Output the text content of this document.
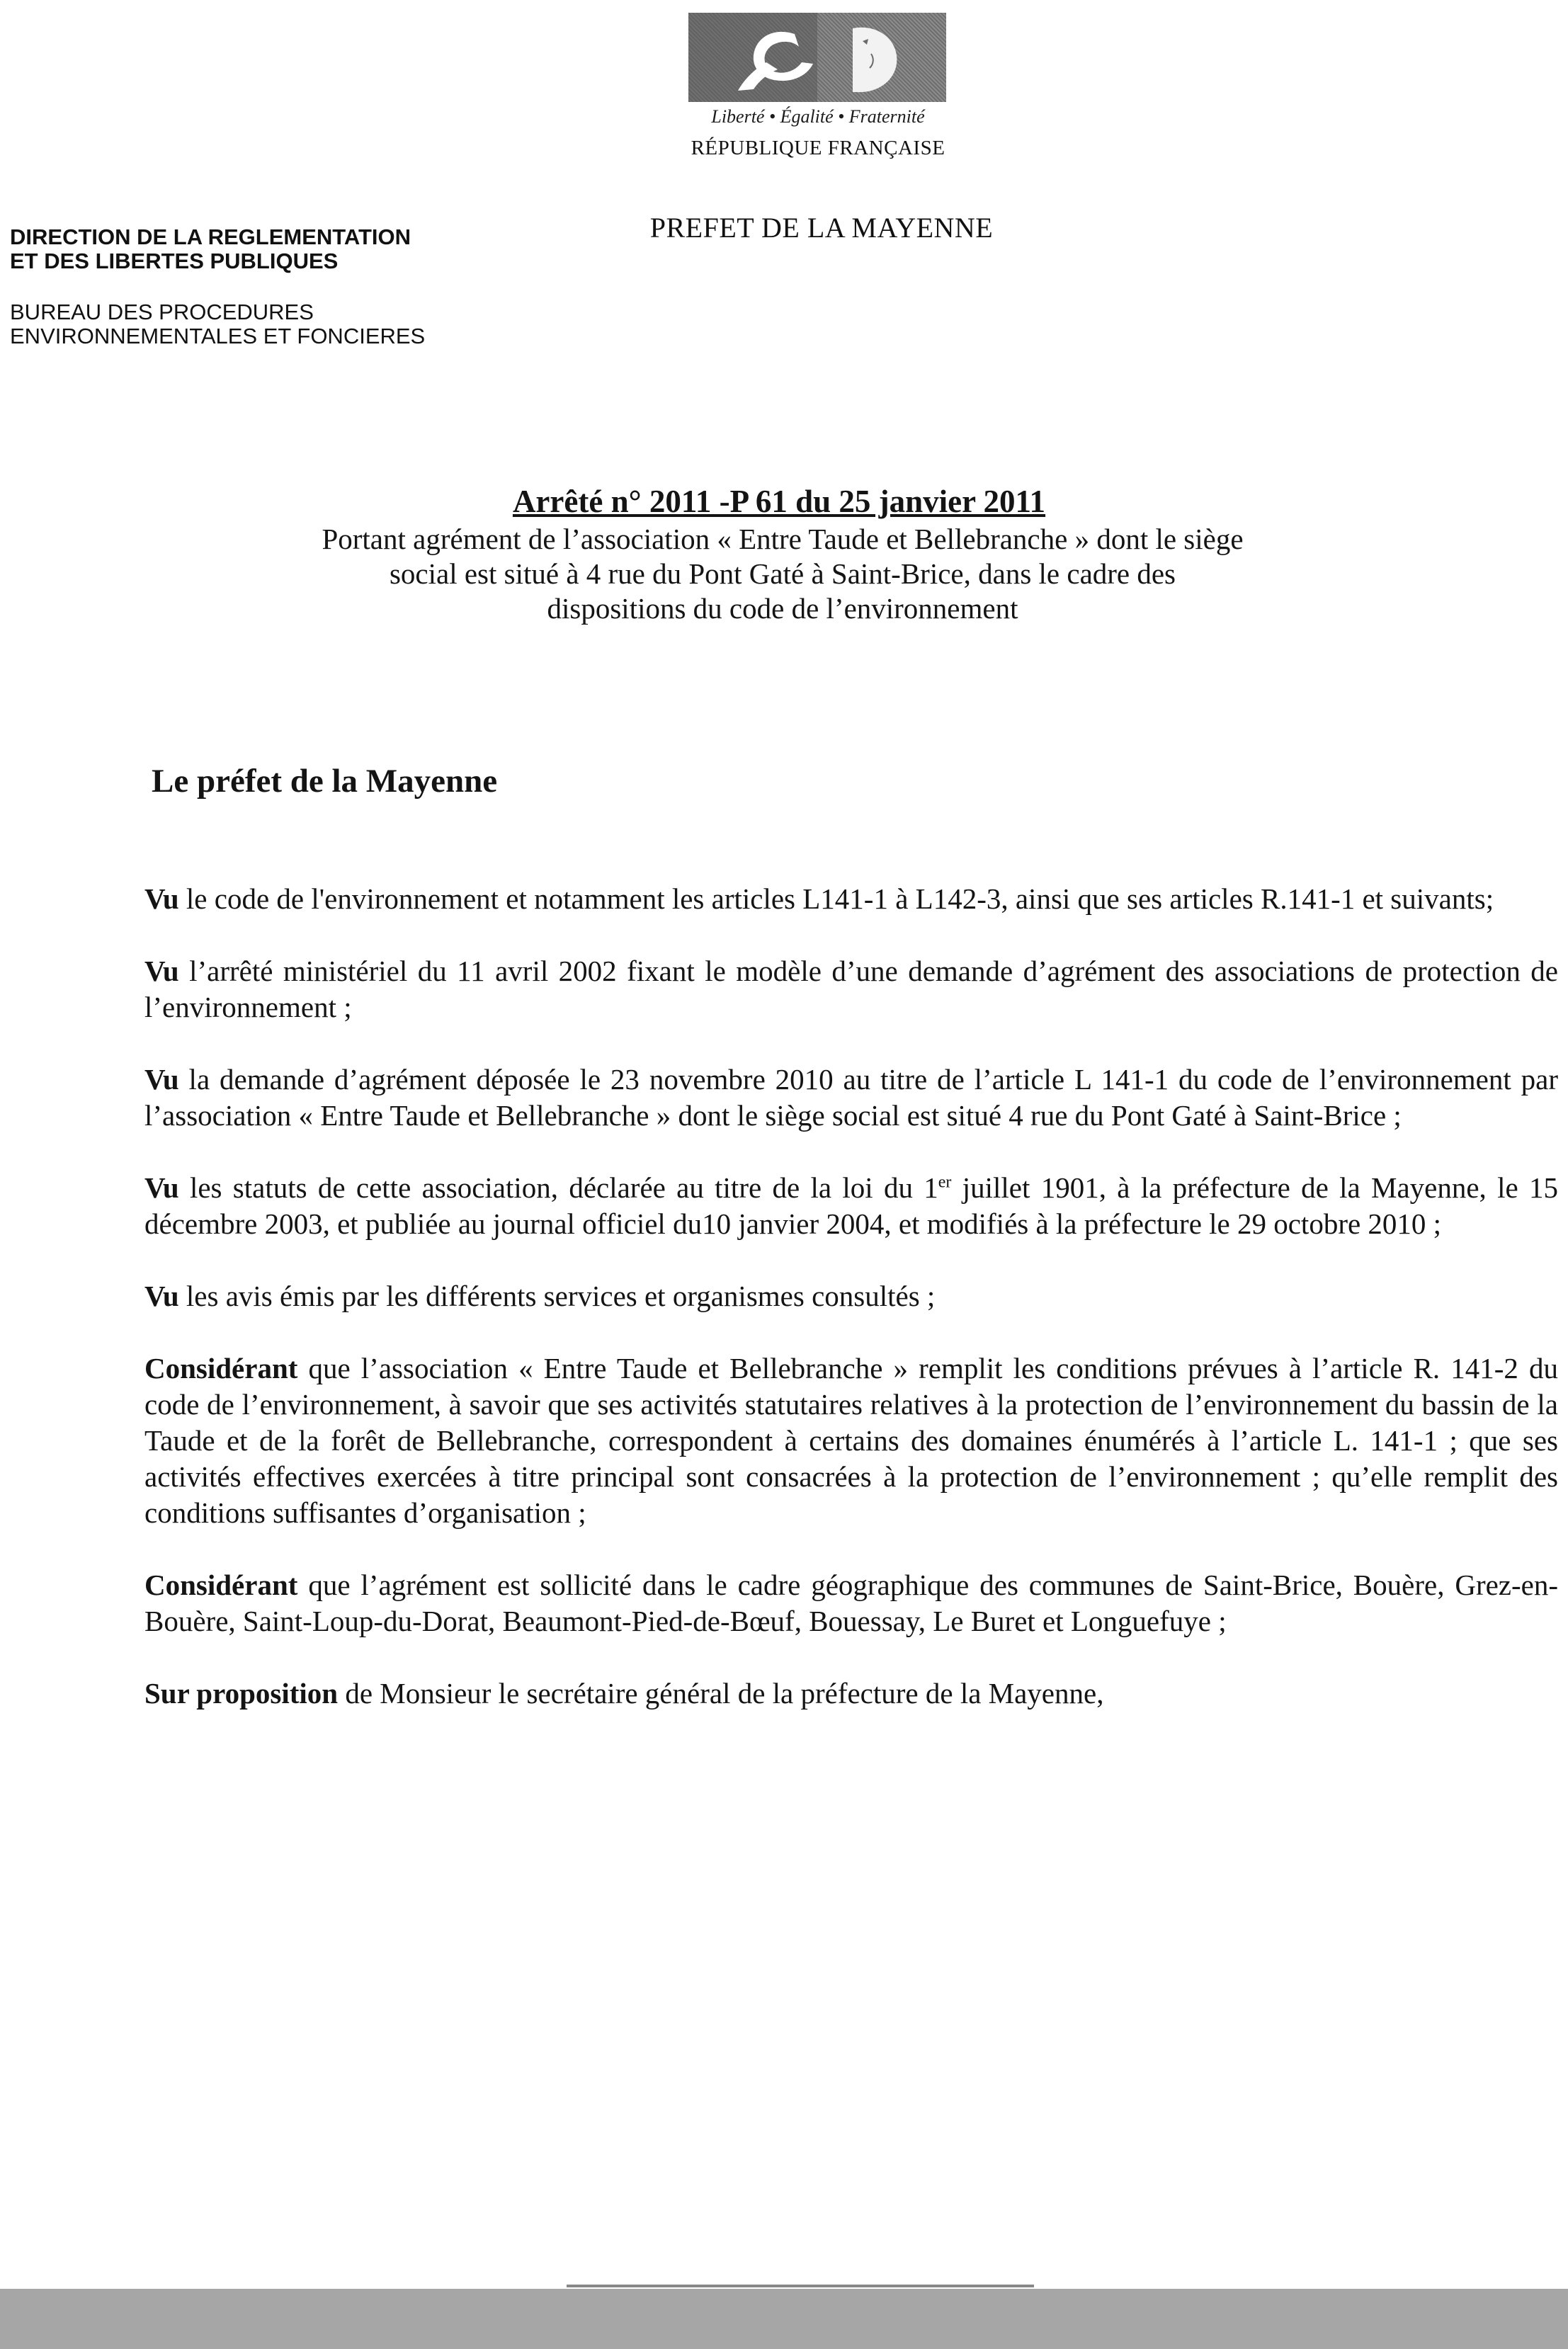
Liberté • Égalité • Fraternité
RÉPUBLIQUE FRANÇAISE
PREFET DE LA MAYENNE
DIRECTION DE LA REGLEMENTATION
ET DES LIBERTES PUBLIQUES
BUREAU DES PROCEDURES
ENVIRONNEMENTALES ET FONCIERES
Arrêté n° 2011 -P 61 du 25 janvier 2011
Portant agrément de l’association « Entre Taude et Bellebranche » dont le siège
social est situé à 4 rue du Pont Gaté à Saint-Brice, dans le cadre des
dispositions du code de l’environnement
Le préfet de la Mayenne

Vu le code de l'environnement et notamment les articles L141-1 à L142-3, ainsi que ses articles R.141-1 et suivants;

Vu l’arrêté ministériel du 11 avril 2002 fixant le modèle d’une demande d’agrément des associations de protection de l’environnement ;

Vu la demande d’agrément déposée le 23 novembre 2010 au titre de l’article L 141-1 du code de l’environnement par l’association « Entre Taude et Bellebranche » dont le siège social est situé 4 rue du Pont Gaté à Saint-Brice ;

Vu les statuts de cette association, déclarée au titre de la loi du 1er juillet 1901, à la préfecture de la Mayenne, le 15 décembre 2003, et publiée au journal officiel du10 janvier 2004, et modifiés à la préfecture le 29 octobre 2010 ;

Vu les avis émis par les différents services et organismes consultés ;

Considérant que l’association « Entre Taude et Bellebranche » remplit les conditions prévues à l’article R. 141-2 du code de l’environnement, à savoir que ses activités statutaires relatives à la protection de l’environnement du bassin de la Taude et de la forêt de Bellebranche, correspondent à certains des domaines énumérés à l’article L. 141-1 ; que ses activités effectives exercées à titre principal sont consacrées à la protection de l’environnement ; qu’elle remplit des conditions suffisantes d’organisation ;

Considérant que l’agrément est sollicité dans le cadre géographique des communes de Saint-Brice, Bouère, Grez-en-Bouère, Saint-Loup-du-Dorat, Beaumont-Pied-de-Bœuf, Bouessay, Le Buret et Longuefuye ;

Sur proposition de Monsieur le secrétaire général de la préfecture de la Mayenne,
